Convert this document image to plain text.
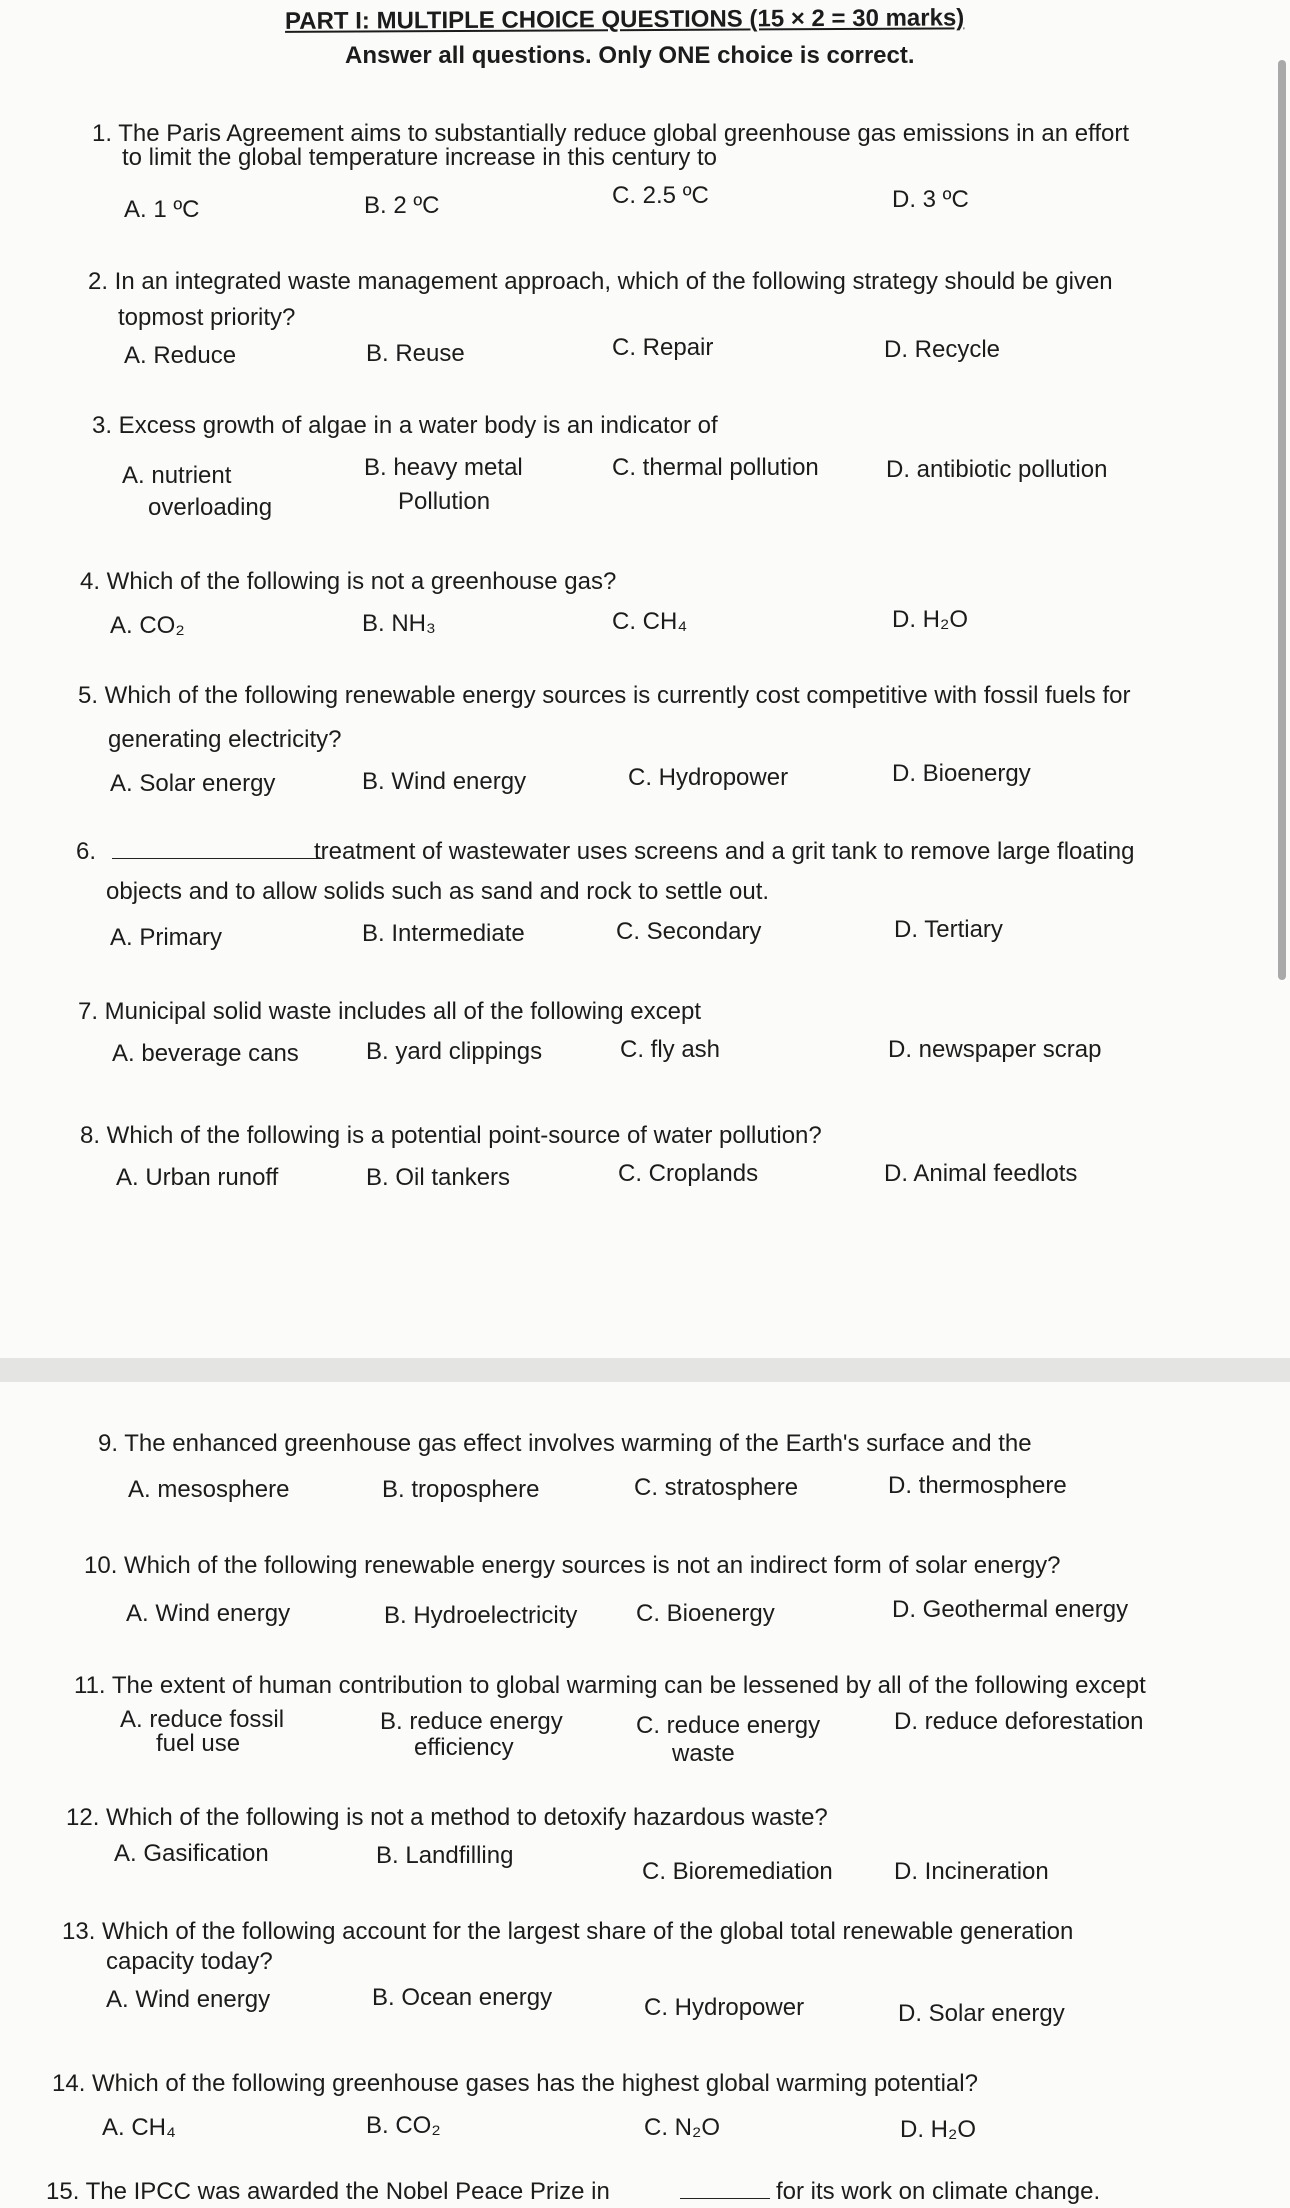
PART I: MULTIPLE CHOICE QUESTIONS (15 × 2 = 30 marks)
Answer all questions. Only ONE choice is correct.
1. The Paris Agreement aims to substantially reduce global greenhouse gas emissions in an effort
to limit the global temperature increase in this century to
A. 1 ºC	B. 2 ºC	C. 2.5 ºC	D. 3 ºC
2. In an integrated waste management approach, which of the following strategy should be given
topmost priority?
A. Reduce	B. Reuse	C. Repair	D. Recycle
3. Excess growth of algae in a water body is an indicator of
A. nutrient	B. heavy metal	C. thermal pollution	D. antibiotic pollution
overloading	Pollution
4. Which of the following is not a greenhouse gas?
A. CO₂	B. NH₃	C. CH₄	D. H₂O
5. Which of the following renewable energy sources is currently cost competitive with fossil fuels for
generating electricity?
A. Solar energy	B. Wind energy	C. Hydropower	D. Bioenergy
6.	treatment of wastewater uses screens and a grit tank to remove large floating
objects and to allow solids such as sand and rock to settle out.
A. Primary	B. Intermediate	C. Secondary	D. Tertiary
7. Municipal solid waste includes all of the following except
A. beverage cans	B. yard clippings	C. fly ash	D. newspaper scrap
8. Which of the following is a potential point-source of water pollution?
A. Urban runoff	B. Oil tankers	C. Croplands	D. Animal feedlots
9. The enhanced greenhouse gas effect involves warming of the Earth's surface and the
A. mesosphere	B. troposphere	C. stratosphere	D. thermosphere
10. Which of the following renewable energy sources is not an indirect form of solar energy?
A. Wind energy	B. Hydroelectricity C. Bioenergy	D. Geothermal energy
11. The extent of human contribution to global warming can be lessened by all of the following except
A. reduce fossil	B. reduce energy	C. reduce energy	D. reduce deforestation
fuel use	efficiency	waste
12. Which of the following is not a method to detoxify hazardous waste?
A. Gasification	B. Landfilling
C. Bioremediation	D. Incineration
13. Which of the following account for the largest share of the global total renewable generation
capacity today?
A. Wind energy	B. Ocean energy	C. Hydropower	D. Solar energy
14. Which of the following greenhouse gases has the highest global warming potential?
A. CH₄	B. CO₂	C. N₂O	D. H₂O
15. The IPCC was awarded the Nobel Peace Prize in	for its work on climate change.
